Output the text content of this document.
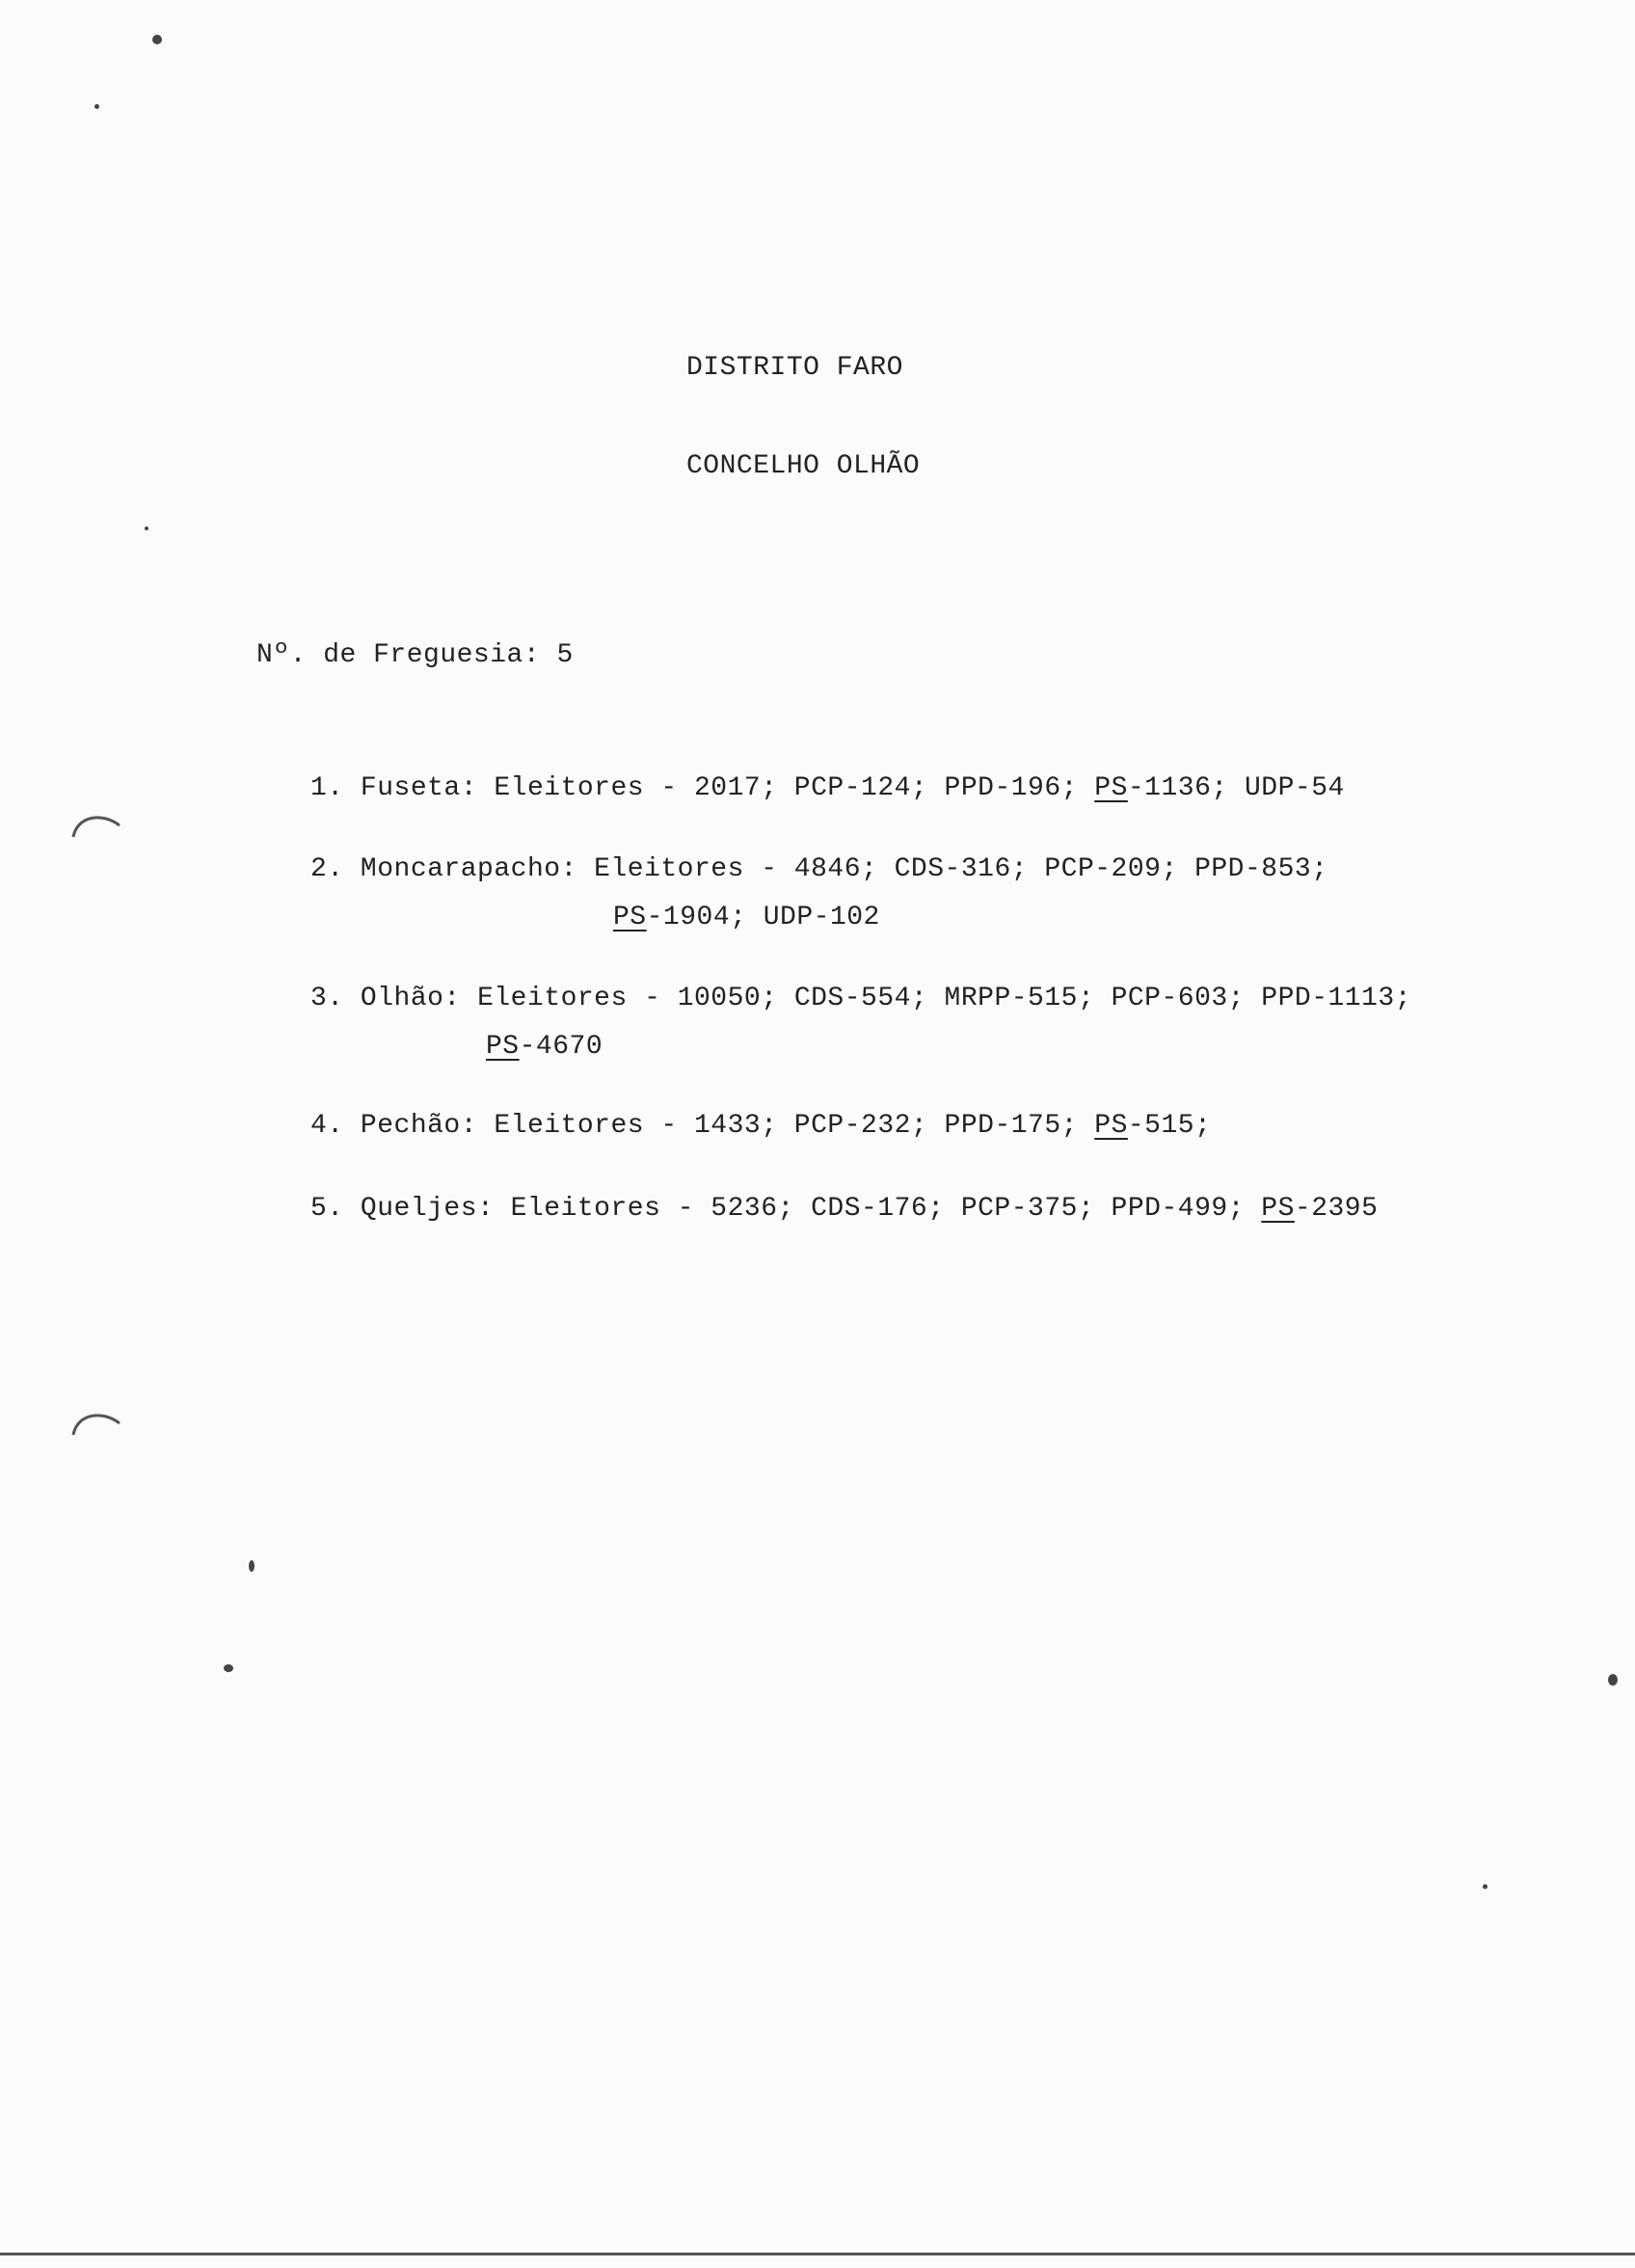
DISTRITO FARO
CONCELHO OLHÃO
Nº. de Freguesia: 5
1. Fuseta: Eleitores - 2017; PCP-124; PPD-196; PS-1136; UDP-54
2. Moncarapacho: Eleitores - 4846; CDS-316; PCP-209; PPD-853;
PS-1904; UDP-102
3. Olhão: Eleitores - 10050; CDS-554; MRPP-515; PCP-603; PPD-1113;
PS-4670
4. Pechão: Eleitores - 1433; PCP-232; PPD-175; PS-515;
5. Queljes: Eleitores - 5236; CDS-176; PCP-375; PPD-499; PS-2395
